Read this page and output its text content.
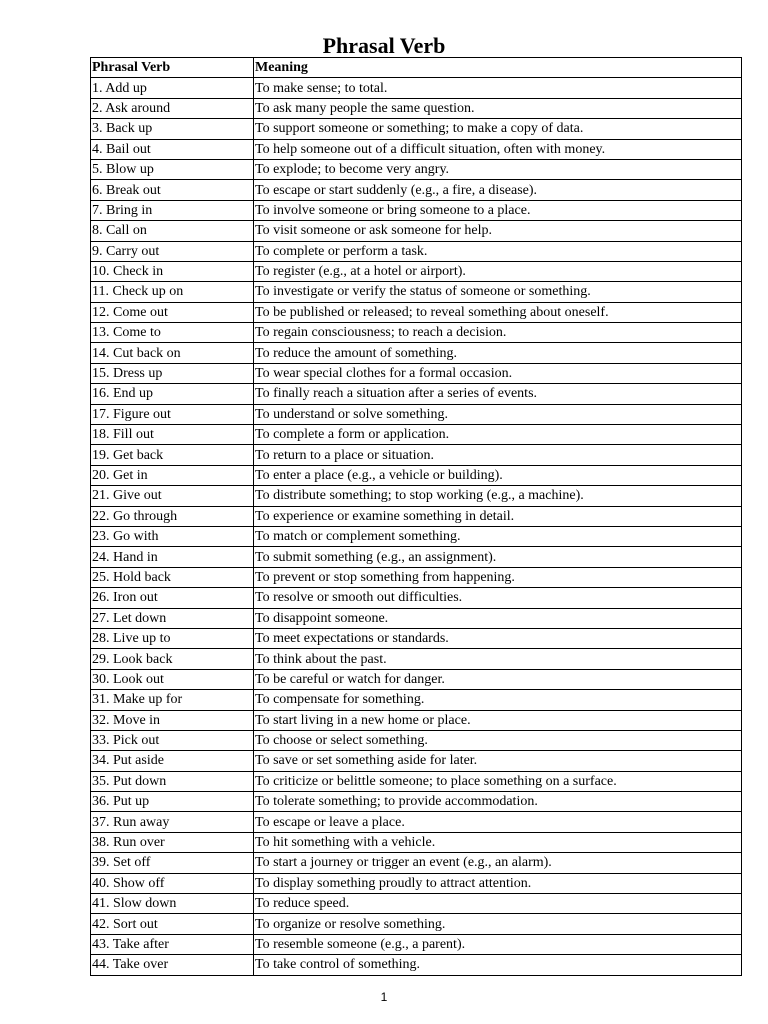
Phrasal Verb
Phrasal Verb	Meaning
1. Add up	To make sense; to total.
2. Ask around	To ask many people the same question.
3. Back up	To support someone or something; to make a copy of data.
4. Bail out	To help someone out of a difficult situation, often with money.
5. Blow up	To explode; to become very angry.
6. Break out	To escape or start suddenly (e.g., a fire, a disease).
7. Bring in	To involve someone or bring someone to a place.
8. Call on	To visit someone or ask someone for help.
9. Carry out	To complete or perform a task.
10. Check in	To register (e.g., at a hotel or airport).
11. Check up on	To investigate or verify the status of someone or something.
12. Come out	To be published or released; to reveal something about oneself.
13. Come to	To regain consciousness; to reach a decision.
14. Cut back on	To reduce the amount of something.
15. Dress up	To wear special clothes for a formal occasion.
16. End up	To finally reach a situation after a series of events.
17. Figure out	To understand or solve something.
18. Fill out	To complete a form or application.
19. Get back	To return to a place or situation.
20. Get in	To enter a place (e.g., a vehicle or building).
21. Give out	To distribute something; to stop working (e.g., a machine).
22. Go through	To experience or examine something in detail.
23. Go with	To match or complement something.
24. Hand in	To submit something (e.g., an assignment).
25. Hold back	To prevent or stop something from happening.
26. Iron out	To resolve or smooth out difficulties.
27. Let down	To disappoint someone.
28. Live up to	To meet expectations or standards.
29. Look back	To think about the past.
30. Look out	To be careful or watch for danger.
31. Make up for	To compensate for something.
32. Move in	To start living in a new home or place.
33. Pick out	To choose or select something.
34. Put aside	To save or set something aside for later.
35. Put down	To criticize or belittle someone; to place something on a surface.
36. Put up	To tolerate something; to provide accommodation.
37. Run away	To escape or leave a place.
38. Run over	To hit something with a vehicle.
39. Set off	To start a journey or trigger an event (e.g., an alarm).
40. Show off	To display something proudly to attract attention.
41. Slow down	To reduce speed.
42. Sort out	To organize or resolve something.
43. Take after	To resemble someone (e.g., a parent).
44. Take over	To take control of something.
1
